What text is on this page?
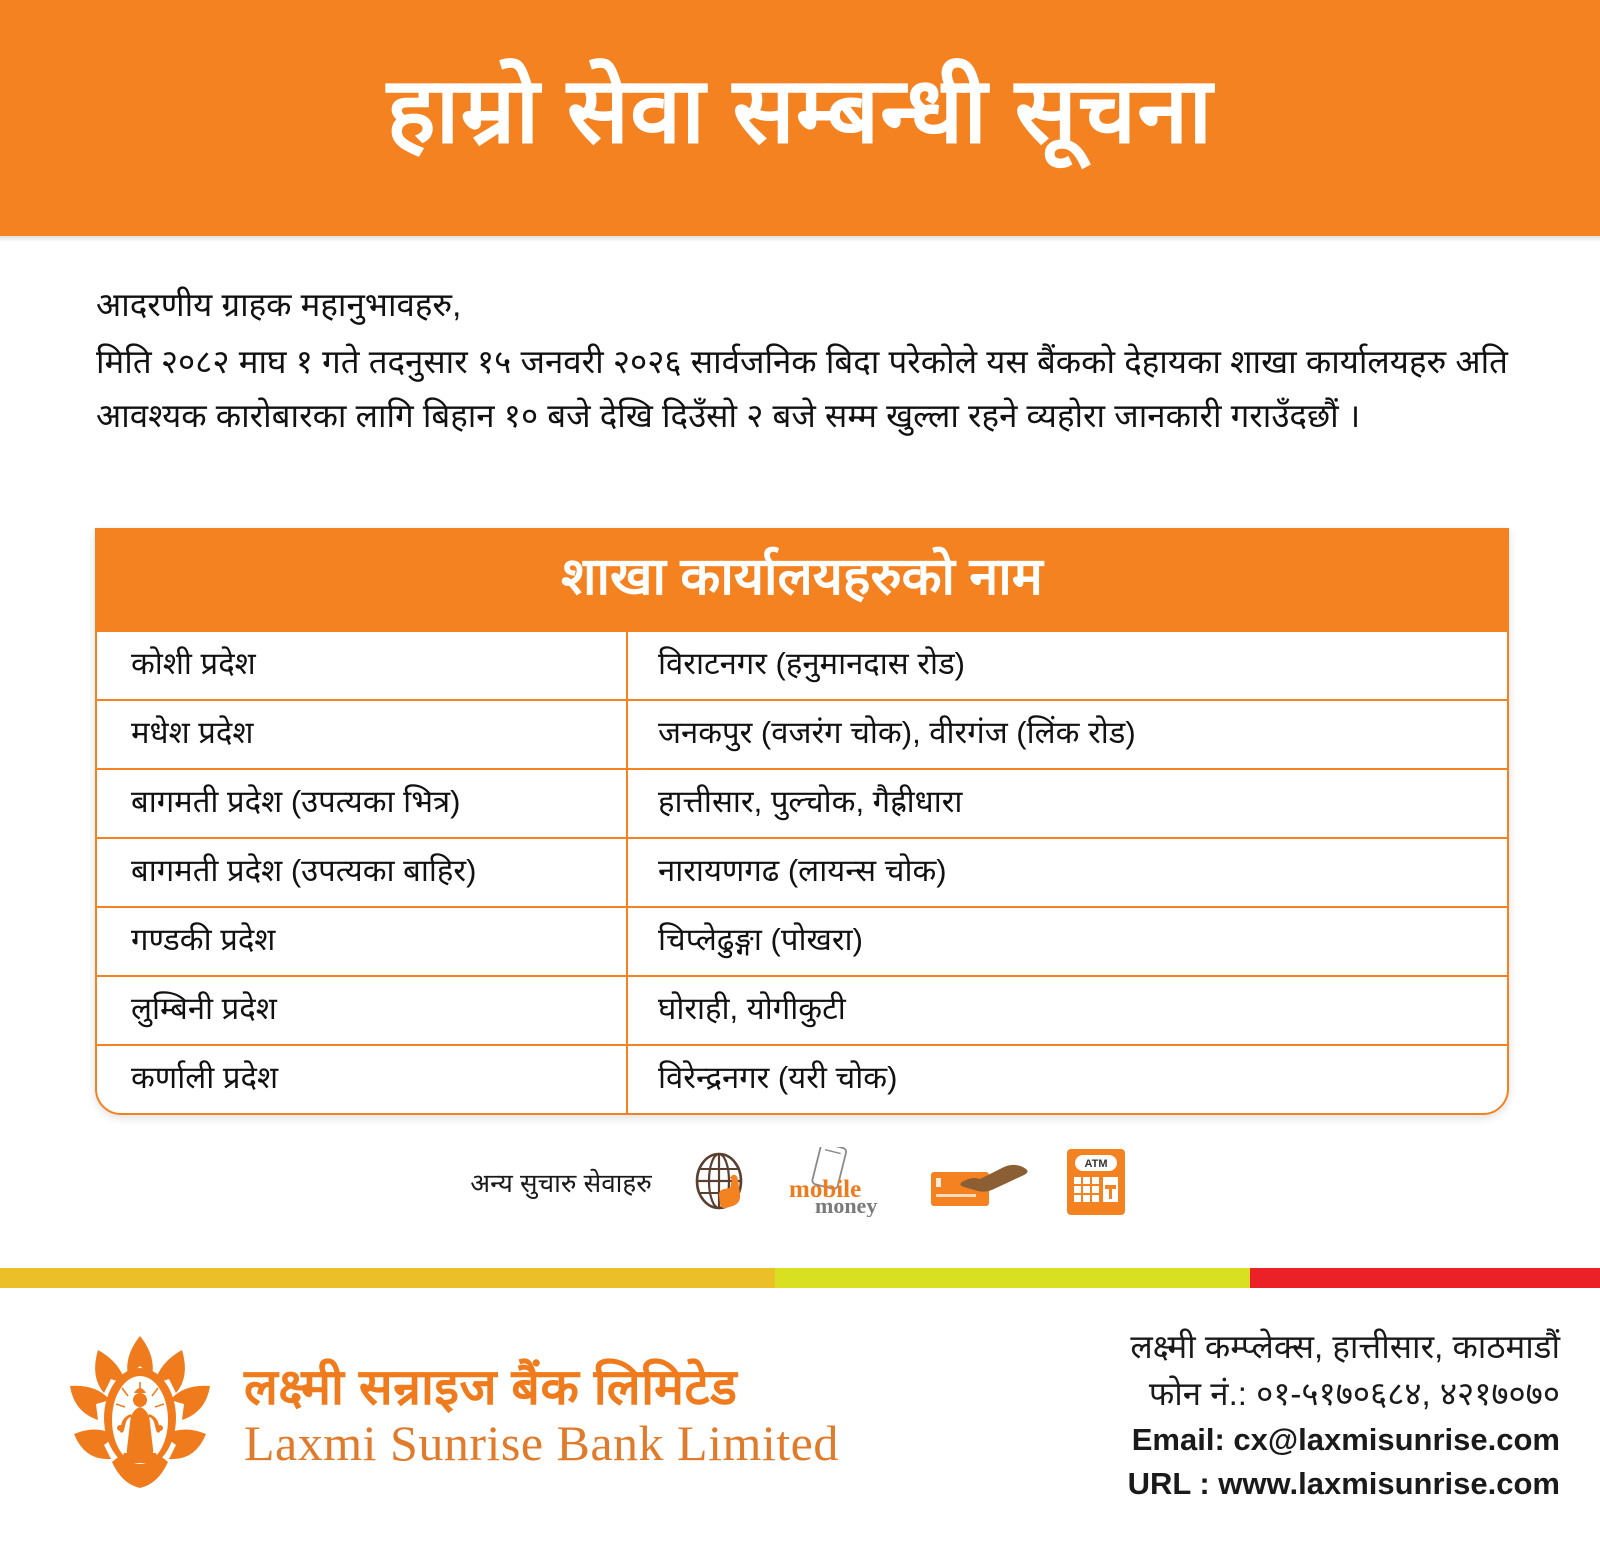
हाम्रो सेवा सम्बन्धी सूचना
आदरणीय ग्राहक महानुभावहरु,
मिति २०८२ माघ १ गते तदनुसार १५ जनवरी २०२६ सार्वजनिक बिदा परेकोले यस बैंकको देहायका शाखा कार्यालयहरु अति आवश्यक कारोबारका लागि बिहान १० बजे देखि दिउँसो २ बजे सम्म खुल्ला रहने व्यहोरा जानकारी गराउँदछौं ।
शाखा कार्यालयहरुको नाम
कोशी प्रदेश	विराटनगर (हनुमानदास रोड)
मधेश प्रदेश	जनकपुर (वजरंग चोक), वीरगंज (लिंक रोड)
बागमती प्रदेश (उपत्यका भित्र)	हात्तीसार, पुल्चोक, गैह्रीधारा
बागमती प्रदेश (उपत्यका बाहिर)	नारायणगढ (लायन्स चोक)
गण्डकी प्रदेश	चिप्लेढुङ्गा (पोखरा)
लुम्बिनी प्रदेश	घोराही, योगीकुटी
कर्णाली प्रदेश	विरेन्द्रनगर (यरी चोक)
अन्य सुचारु सेवाहरु	mobile
money
ATM
लक्ष्मी सन्राइज बैंक लिमिटेड
Laxmi Sunrise Bank Limited
लक्ष्मी कम्प्लेक्स, हात्तीसार, काठमाडौं
फोन नं.: ०१-५१७०६८४, ४२१७०७०
Email: cx@laxmisunrise.com
URL : www.laxmisunrise.com
